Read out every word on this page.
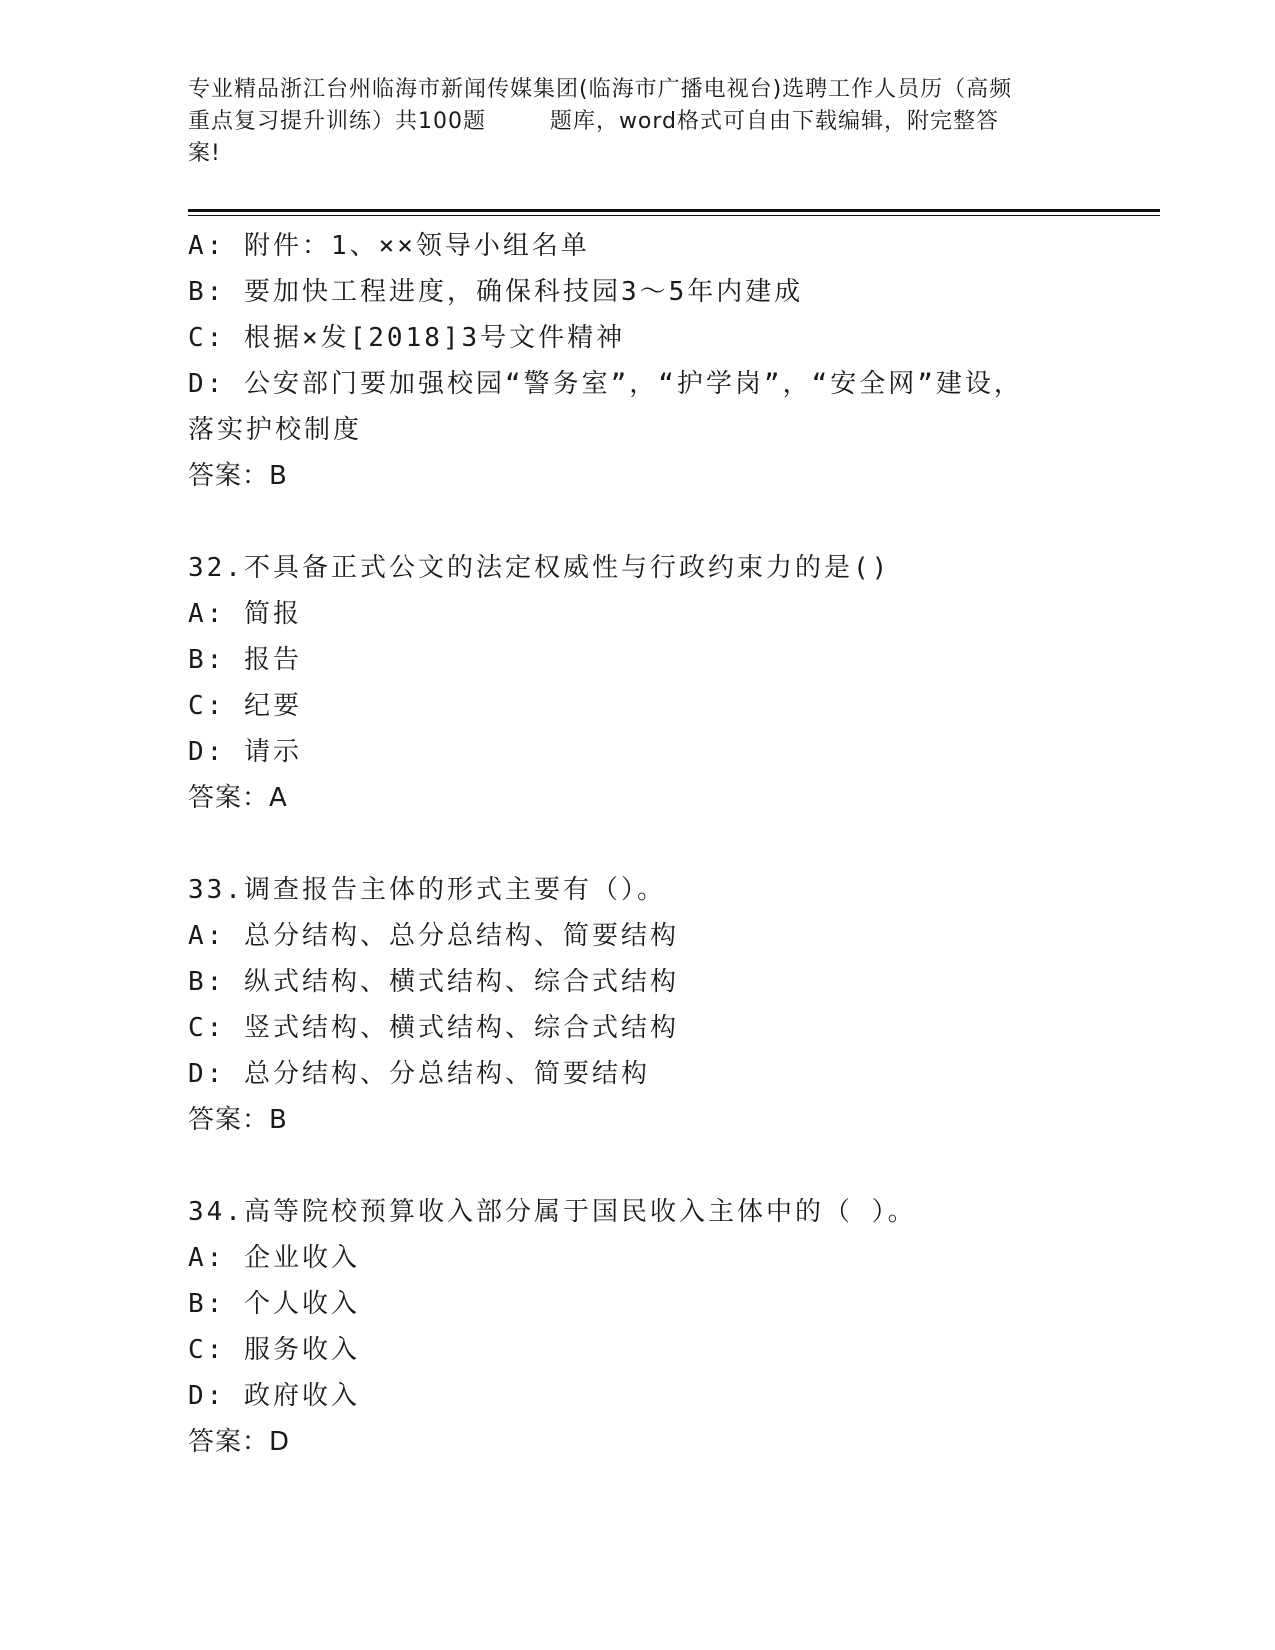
专业精品浙江台州临海市新闻传媒集团(临海市广播电视台)选聘工作人员历（高频
重点复习提升训练）共100题        题库，word格式可自由下载编辑，附完整答
案!
A: 附件：1、××领导小组名单
B: 要加快工程进度，确保科技园3～5年内建成
C: 根据×发[2018]3号文件精神
D: 公安部门要加强校园“警务室”，“护学岗”，“安全网”建设，
落实护校制度
答案：B
32.不具备正式公文的法定权威性与行政约束力的是()
A: 简报
B: 报告
C: 纪要
D: 请示
答案：A
33.调查报告主体的形式主要有（）。
A: 总分结构、总分总结构、简要结构
B: 纵式结构、横式结构、综合式结构
C: 竖式结构、横式结构、综合式结构
D: 总分结构、分总结构、简要结构
答案：B
34.高等院校预算收入部分属于国民收入主体中的（ ）。
A: 企业收入
B: 个人收入
C: 服务收入
D: 政府收入
答案：D
